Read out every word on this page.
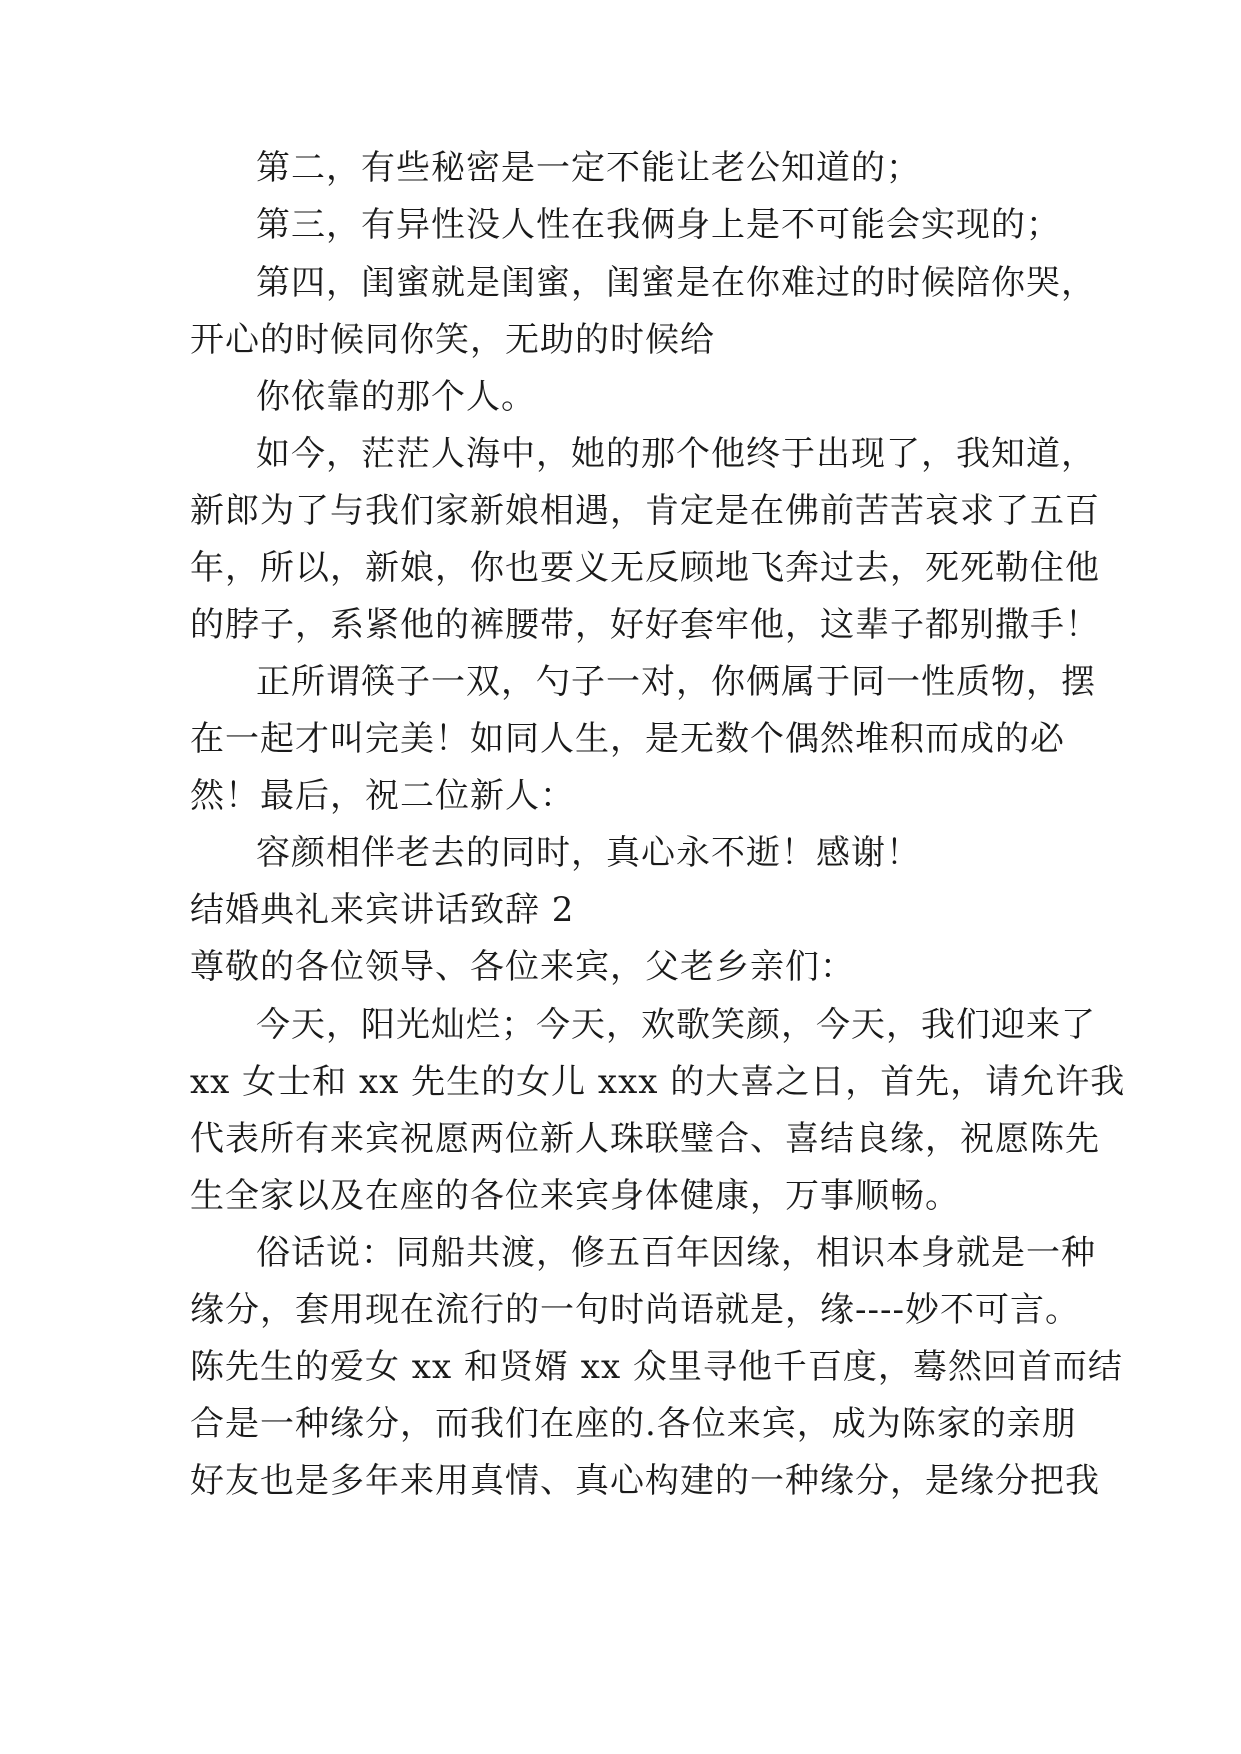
第二，有些秘密是一定不能让老公知道的；
第三，有异性没人性在我俩身上是不可能会实现的；
第四，闺蜜就是闺蜜，闺蜜是在你难过的时候陪你哭，
开心的时候同你笑，无助的时候给
你依靠的那个人。
如今，茫茫人海中，她的那个他终于出现了，我知道，
新郎为了与我们家新娘相遇，肯定是在佛前苦苦哀求了五百
年，所以，新娘，你也要义无反顾地飞奔过去，死死勒住他
的脖子，系紧他的裤腰带，好好套牢他，这辈子都别撒手！
正所谓筷子一双，勺子一对，你俩属于同一性质物，摆
在一起才叫完美！如同人生，是无数个偶然堆积而成的必
然！最后，祝二位新人：
容颜相伴老去的同时，真心永不逝！感谢！
结婚典礼来宾讲话致辞 2
尊敬的各位领导、各位来宾，父老乡亲们：
今天，阳光灿烂；今天，欢歌笑颜，今天，我们迎来了
xx 女士和 xx 先生的女儿 xxx 的大喜之日，首先，请允许我
代表所有来宾祝愿两位新人珠联璧合、喜结良缘，祝愿陈先
生全家以及在座的各位来宾身体健康，万事顺畅。
俗话说：同船共渡，修五百年因缘，相识本身就是一种
缘分，套用现在流行的一句时尚语就是，缘----妙不可言。
陈先生的爱女 xx 和贤婿 xx 众里寻他千百度，蓦然回首而结
合是一种缘分，而我们在座的.各位来宾，成为陈家的亲朋
好友也是多年来用真情、真心构建的一种缘分，是缘分把我
